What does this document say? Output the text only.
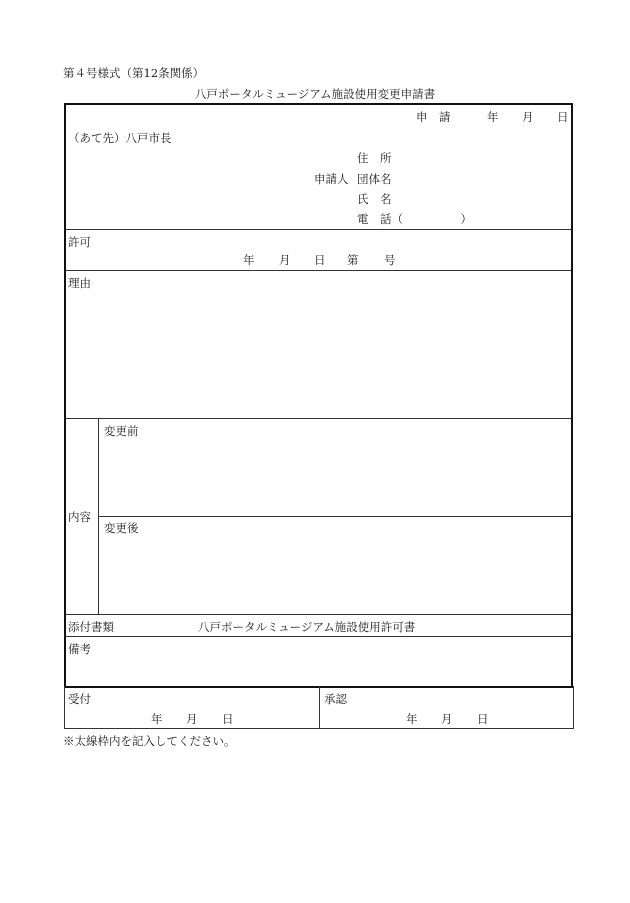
第４号様式（第12条関係）
八戸ポータルミュージアム施設使用変更申請書
申　請	年 月 日
（あて先）八戸市長
住　所
申請人 団体名
氏　名
電　話（　　　　　）
許可
年 月 日 第 号
理由
内容
変更前
変更後
添付書類	八戸ポータルミュージアム施設使用許可書
備考
受付
年 月 日
承認
年 月 日
※太線枠内を記入してください。
